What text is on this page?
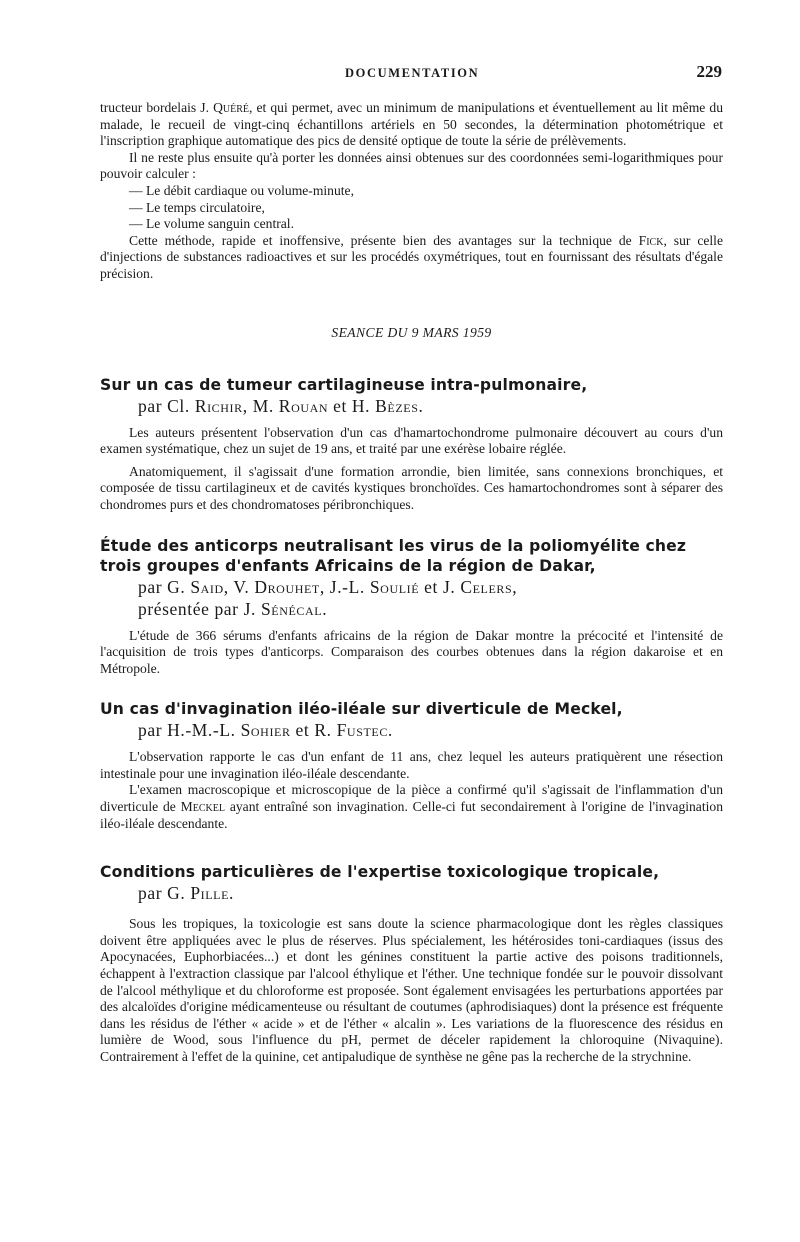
DOCUMENTATION	229

tructeur bordelais J. Quéré, et qui permet, avec un minimum de manipulations et éventuellement au lit même du malade, le recueil de vingt-cinq échantillons artériels en 50 secondes, la détermination photométrique et l'inscription graphique automatique des pics de densité optique de toute la série de prélèvements.

Il ne reste plus ensuite qu'à porter les données ainsi obtenues sur des coordonnées semi-logarithmiques pour pouvoir calculer :

— Le débit cardiaque ou volume-minute,
— Le temps circulatoire,
— Le volume sanguin central.

Cette méthode, rapide et inoffensive, présente bien des avantages sur la technique de Fick, sur celle d'injections de substances radioactives et sur les procédés oxymétriques, tout en fournissant des résultats d'égale précision.

SEANCE DU 9 MARS 1959
Sur un cas de tumeur cartilagineuse intra-pulmonaire,
par Cl. Richir, M. Rouan et H. Bèzes.

Les auteurs présentent l'observation d'un cas d'hamartochondrome pulmonaire découvert au cours d'un examen systématique, chez un sujet de 19 ans, et traité par une exérèse lobaire réglée.

Anatomiquement, il s'agissait d'une formation arrondie, bien limitée, sans connexions bronchiques, et composée de tissu cartilagineux et de cavités kystiques bronchoïdes. Ces hamartochondromes sont à séparer des chondromes purs et des chondromatoses péribronchiques.

Étude des anticorps neutralisant les virus de la poliomyélite chez trois groupes d'enfants Africains de la région de Dakar,
par G. Said, V. Drouhet, J.-L. Soulié et J. Celers,
présentée par J. Sénécal.

L'étude de 366 sérums d'enfants africains de la région de Dakar montre la précocité et l'intensité de l'acquisition de trois types d'anticorps. Comparaison des courbes obtenues dans la région dakaroise et en Métropole.

Un cas d'invagination iléo-iléale sur diverticule de Meckel,
par H.-M.-L. Sohier et R. Fustec.

L'observation rapporte le cas d'un enfant de 11 ans, chez lequel les auteurs pratiquèrent une résection intestinale pour une invagination iléo-iléale descendante.

L'examen macroscopique et microscopique de la pièce a confirmé qu'il s'agissait de l'inflammation d'un diverticule de Meckel ayant entraîné son invagination. Celle-ci fut secondairement à l'origine de l'invagination iléo-iléale descendante.

Conditions particulières de l'expertise toxicologique tropicale,
par G. Pille.

Sous les tropiques, la toxicologie est sans doute la science pharmacologique dont les règles classiques doivent être appliquées avec le plus de réserves. Plus spécialement, les hétérosides toni-cardiaques (issus des Apocynacées, Euphorbiacées...) et dont les génines constituent la partie active des poisons traditionnels, échappent à l'extraction classique par l'alcool éthylique et l'éther. Une technique fondée sur le pouvoir dissolvant de l'alcool méthylique et du chloroforme est proposée. Sont également envisagées les perturbations apportées par des alcaloïdes d'origine médicamenteuse ou résultant de coutumes (aphrodisiaques) dont la présence est fréquente dans les résidus de l'éther « acide » et de l'éther « alcalin ». Les variations de la fluorescence des résidus en lumière de Wood, sous l'influence du pH, permet de déceler rapidement la chloroquine (Nivaquine). Contrairement à l'effet de la quinine, cet antipaludique de synthèse ne gêne pas la recherche de la strychnine.
